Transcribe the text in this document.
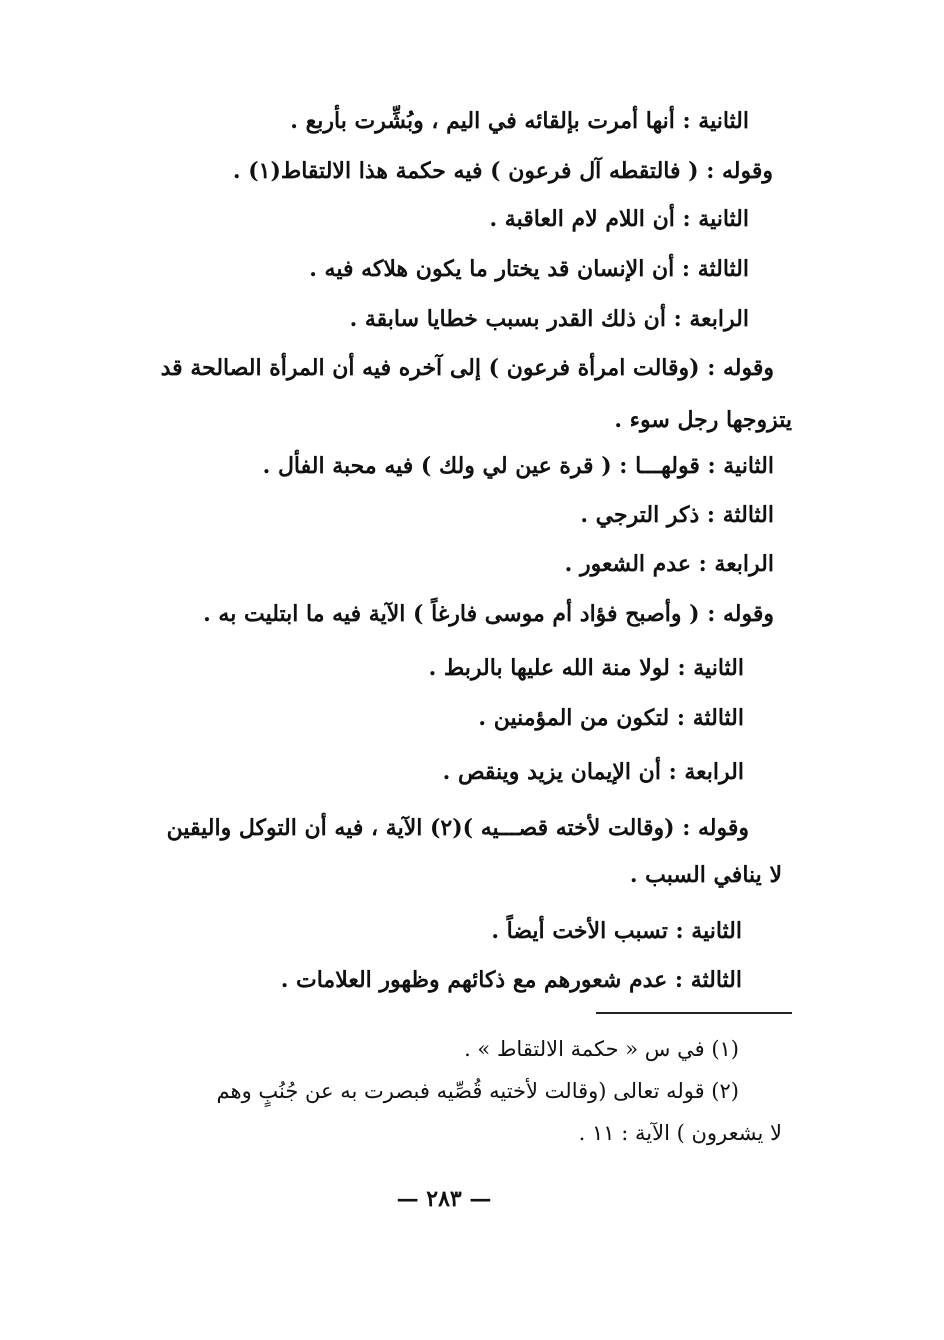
الثانية : أنها أمرت بإلقائه في اليم ، وبُشِّرت بأربع .
وقوله : ( فالتقطه آل فرعون ) فيه حكمة هذا الالتقاط(١) .
الثانية : أن اللام لام العاقبة .
الثالثة : أن الإنسان قد يختار ما يكون هلاكه فيه .
الرابعة : أن ذلك القدر بسبب خطايا سابقة .
وقوله : (وقالت امرأة فرعون ) إلى آخره فيه أن المرأة الصالحة قد
يتزوجها رجل سوء .
الثانية : قولهـــا : ( قرة عين لي ولك ) فيه محبة الفأل .
الثالثة : ذكر الترجي .
الرابعة : عدم الشعور .
وقوله : ( وأصبح فؤاد أم موسى فارغاً ) الآية فيه ما ابتليت به .
الثانية : لولا منة الله عليها بالربط .
الثالثة : لتكون من المؤمنين .
الرابعة : أن الإيمان يزيد وينقص .
وقوله : (وقالت لأخته قصـــيه )(٢) الآية ، فيه أن التوكل واليقين
لا ينافي السبب .
الثانية : تسبب الأخت أيضاً .
الثالثة : عدم شعورهم مع ذكائهم وظهور العلامات .
(١) في س « حكمة الالتقاط » .
(٢) قوله تعالى (وقالت لأختيه قُصِّيه فبصرت به عن جُنُبٍ وهم
لا يشعرون ) الآية : ١١ .
— ٢٨٣ —
